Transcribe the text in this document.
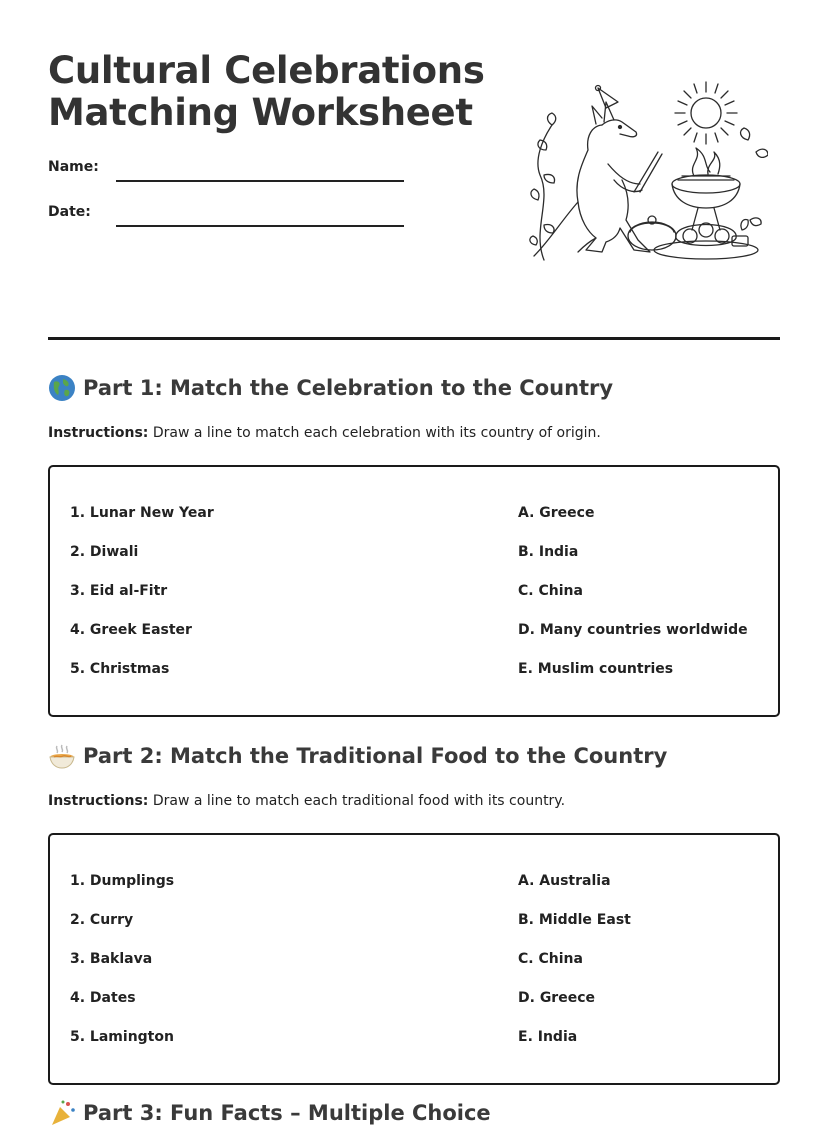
Cultural Celebrations
Matching Worksheet
Name:
Date:
Part 1: Match the Celebration to the Country

Instructions: Draw a line to match each celebration with its country of origin.

1. Lunar New Year
2. Diwali
3. Eid al-Fitr
4. Greek Easter
5. Christmas
A. Greece
B. India
C. China
D. Many countries worldwide
E. Muslim countries
Part 2: Match the Traditional Food to the Country

Instructions: Draw a line to match each traditional food with its country.

1. Dumplings
2. Curry
3. Baklava
4. Dates
5. Lamington
A. Australia
B. Middle East
C. China
D. Greece
E. India
Part 3: Fun Facts – Multiple Choice
